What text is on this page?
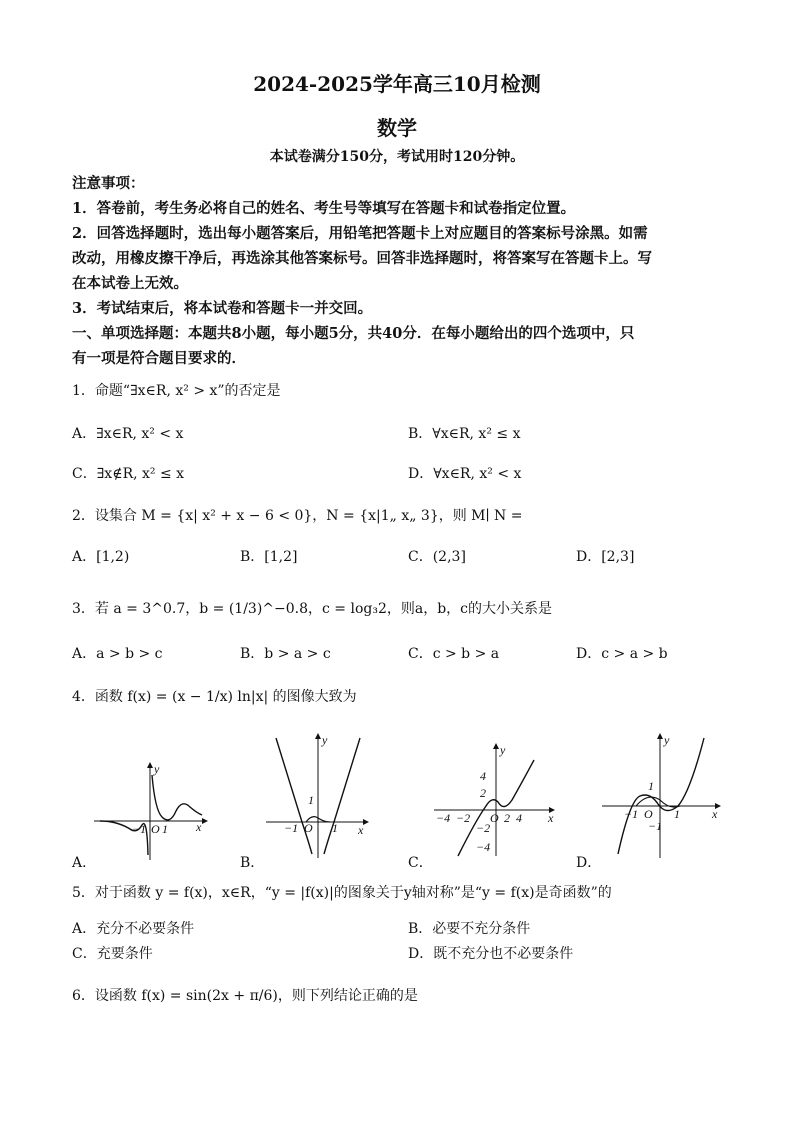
2024-2025学年高三10月检测
数学
本试卷满分150分，考试用时120分钟。
注意事项：
1．答卷前，考生务必将自己的姓名、考生号等填写在答题卡和试卷指定位置。
2．回答选择题时，选出每小题答案后，用铅笔把答题卡上对应题目的答案标号涂黑。如需
改动，用橡皮擦干净后，再选涂其他答案标号。回答非选择题时，将答案写在答题卡上。写
在本试卷上无效。
3．考试结束后，将本试卷和答题卡一并交回。
一、单项选择题：本题共8小题，每小题5分，共40分．在每小题给出的四个选项中，只
有一项是符合题目要求的．
1．命题“∃x∈R, x² > x”的否定是
A．∃x∈R, x² < x	B．∀x∈R, x² ≤ x
C．∃x∉R, x² ≤ x	D．∀x∈R, x² < x
2．设集合 M = {x| x² + x − 6 < 0}，N = {x|1„ x„ 3}，则 M∣ N =
A．[1,2)	B．[1,2]	C．(2,3]	D．[2,3]
3．若 a = 3^0.7，b = (1/3)^−0.8，c = log₃2，则a，b，c的大小关系是
A．a > b > c	B．b > a > c	C．c > b > a	D．c > a > b
4．函数 f(x) = (x − 1/x) ln|x| 的图像大致为
y
−1 O 1 x
A．
y
1
−1 O 1 x
B．
y
4
2
−4 −2 O 2 4
−2
−4
x
C．
y
1
−1 O 1
−1
x
D．
5．对于函数 y = f(x)，x∈R，“y = |f(x)|的图象关于y轴对称”是“y = f(x)是奇函数”的
A．充分不必要条件	B．必要不充分条件
C．充要条件	D．既不充分也不必要条件
6．设函数 f(x) = sin(2x + π/6)，则下列结论正确的是
